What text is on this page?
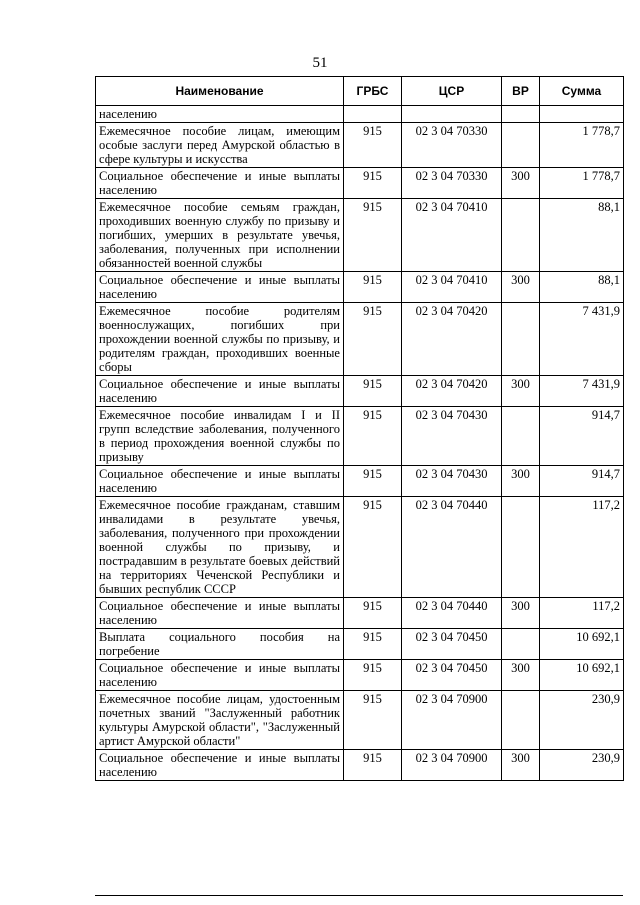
51
Наименование	ГРБС	ЦСР	ВР	Сумма
населению				
Ежемесячное пособие лицам, имеющим особые заслуги перед Амурской областью в сфере культуры и искусства	915	02 3 04 70330		1 778,7
Социальное обеспечение и иные выплаты населению	915	02 3 04 70330	300	1 778,7
Ежемесячное пособие семьям граждан, проходивших военную службу по призыву и погибших, умерших в результате увечья, заболевания, полученных при исполнении обязанностей военной службы	915	02 3 04 70410		88,1
Социальное обеспечение и иные выплаты населению	915	02 3 04 70410	300	88,1
Ежемесячное пособие родителям военнослужащих, погибших при прохождении военной службы по призыву, и родителям граждан, проходивших военные сборы	915	02 3 04 70420		7 431,9
Социальное обеспечение и иные выплаты населению	915	02 3 04 70420	300	7 431,9
Ежемесячное пособие инвалидам I и II групп вследствие заболевания, полученного в период прохождения военной службы по призыву	915	02 3 04 70430		914,7
Социальное обеспечение и иные выплаты населению	915	02 3 04 70430	300	914,7
Ежемесячное пособие гражданам, ставшим инвалидами в результате увечья, заболевания, полученного при прохождении военной службы по призыву, и пострадавшим в результате боевых действий на территориях Чеченской Республики и бывших республик СССР	915	02 3 04 70440		117,2
Социальное обеспечение и иные выплаты населению	915	02 3 04 70440	300	117,2
Выплата социального пособия на погребение	915	02 3 04 70450		10 692,1
Социальное обеспечение и иные выплаты населению	915	02 3 04 70450	300	10 692,1
Ежемесячное пособие лицам, удостоенным почетных званий "Заслуженный работник культуры Амурской области", "Заслуженный артист Амурской области"	915	02 3 04 70900		230,9
Социальное обеспечение и иные выплаты населению	915	02 3 04 70900	300	230,9
